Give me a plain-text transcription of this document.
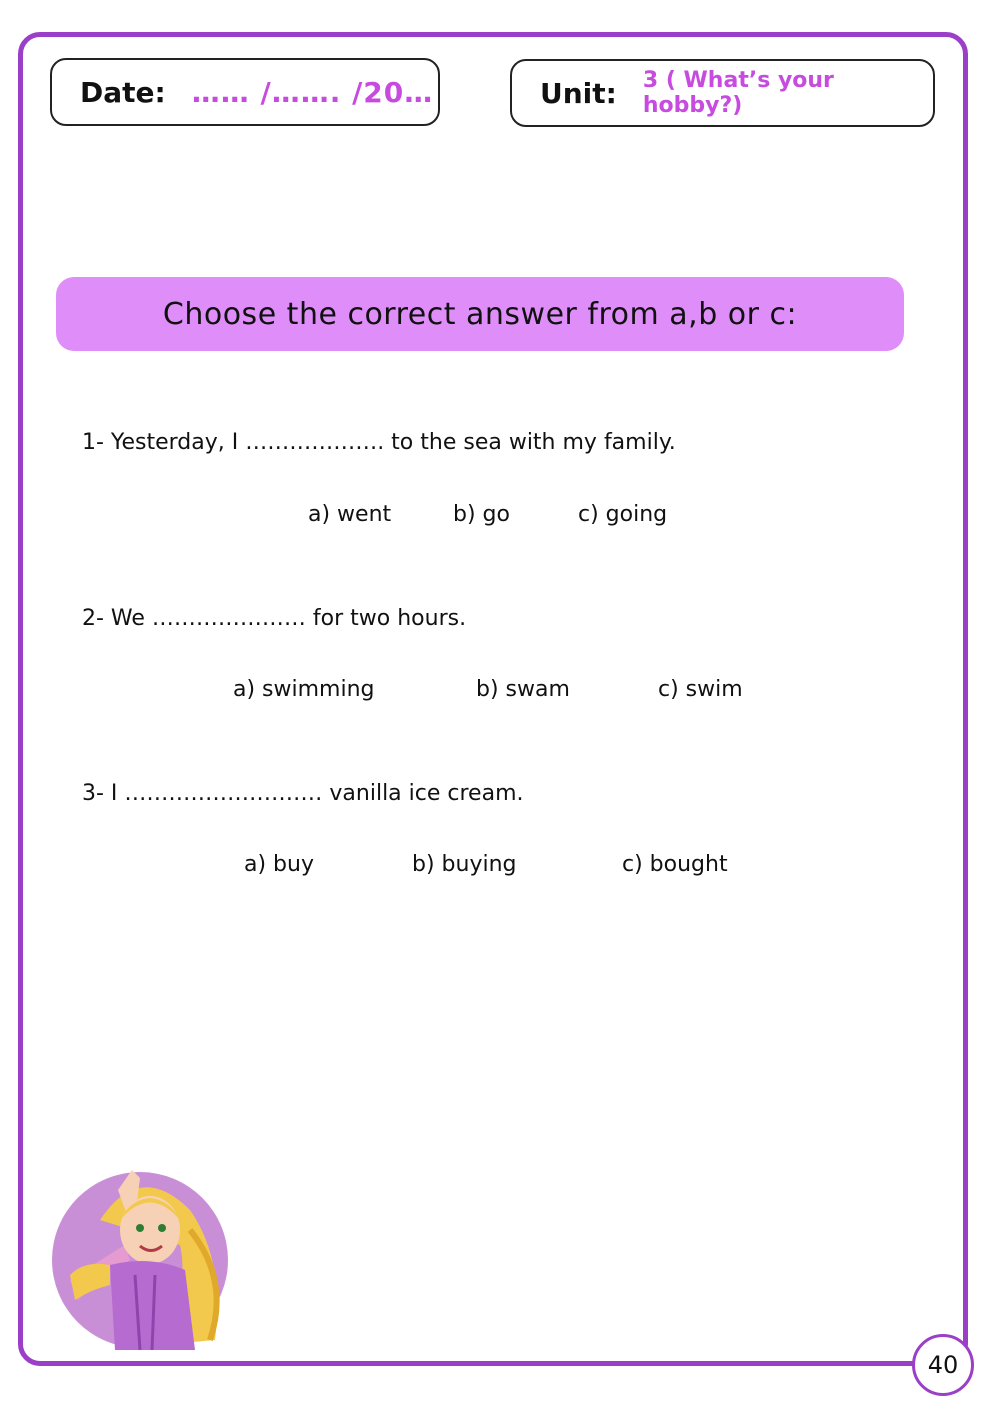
Date: …… /……. /20…	Unit: 3 ( What’s your hobby?)
Choose the correct answer from a,b or c:
1- Yesterday, I ………………. to the sea with my family.
a) went	b) go	c) going
2- We ………………… for two hours.
a) swimming	b) swam	c) swim
3- I ……………………… vanilla ice cream.
a) buy	b) buying	c) bought
40
